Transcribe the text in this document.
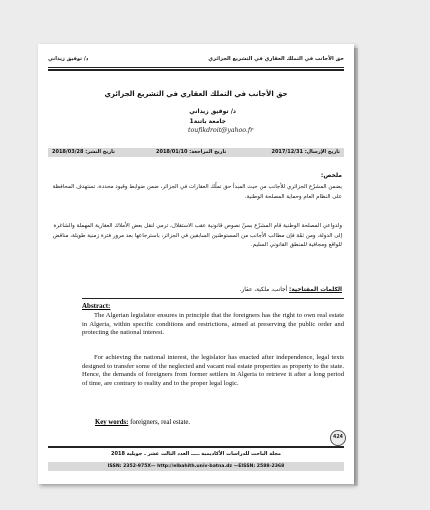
د/ توفيق زيداني	حق الأجانب في التملك العقاري في التشريع الجزائري
حق الأجانب في التملك العقاري في التشريع الجزائري
د/ توفيق زيداني
جامعة باتنة1
toufikdroit@yahoo.fr
تاريخ الإرسال: 2017/12/31
تاريخ المراجعة: 2018/01/10
تاريخ النشر: 2018/03/28
ملخص:
يضمن المشرّع الجزائري للأجانب من حيث المبدأ حق تملّك العقارات في الجزائر، ضمن ضوابط وقيود محددة، تستهدف المحافظة على النظام العام وحماية المصلحة الوطنية.
ولدواعي المصلحة الوطنية قام المشرّع بسنّ نصوص قانونية عقب الاستقلال، ترمي لنقل بعض الأملاك العقارية المهملة والشاغرة إلى الدولة، ومن ثمّة فإن مطالب الأجانب من المستوطنين السابقين في الجزائر، باسترجاعها بعد مرور فترة زمنية طويلة، مناقض للواقع ومجافية للمنطق القانوني السليم.
الكلمات المفتاحية: أجانب، ملكية، عقار.
Abstract:
The Algerian legislator ensures in principle that the foreigners has the right to own real estate in Algeria, within specific conditions and restrictions, aimed at preserving the public order and protecting the national interest.
For achieving the national interest, the legislator has enacted after independence, legal texts designed to transfer some of the neglected and vacant real estate properties as property to the state. Hence, the demands of foreigners from former settlers in Algeria to retrieve it after a long period of time, are contrary to reality and to the proper legal logic.
Key words: foreigners, real estate.
424
مجلة الباحث للدراسات الأكاديمية ـــــ العدد الثالث عشر ـ جويلية 2018
ISSN: 2352-975X— http://elbahith.univ-batna.dz —EISSN: 2588-2368
